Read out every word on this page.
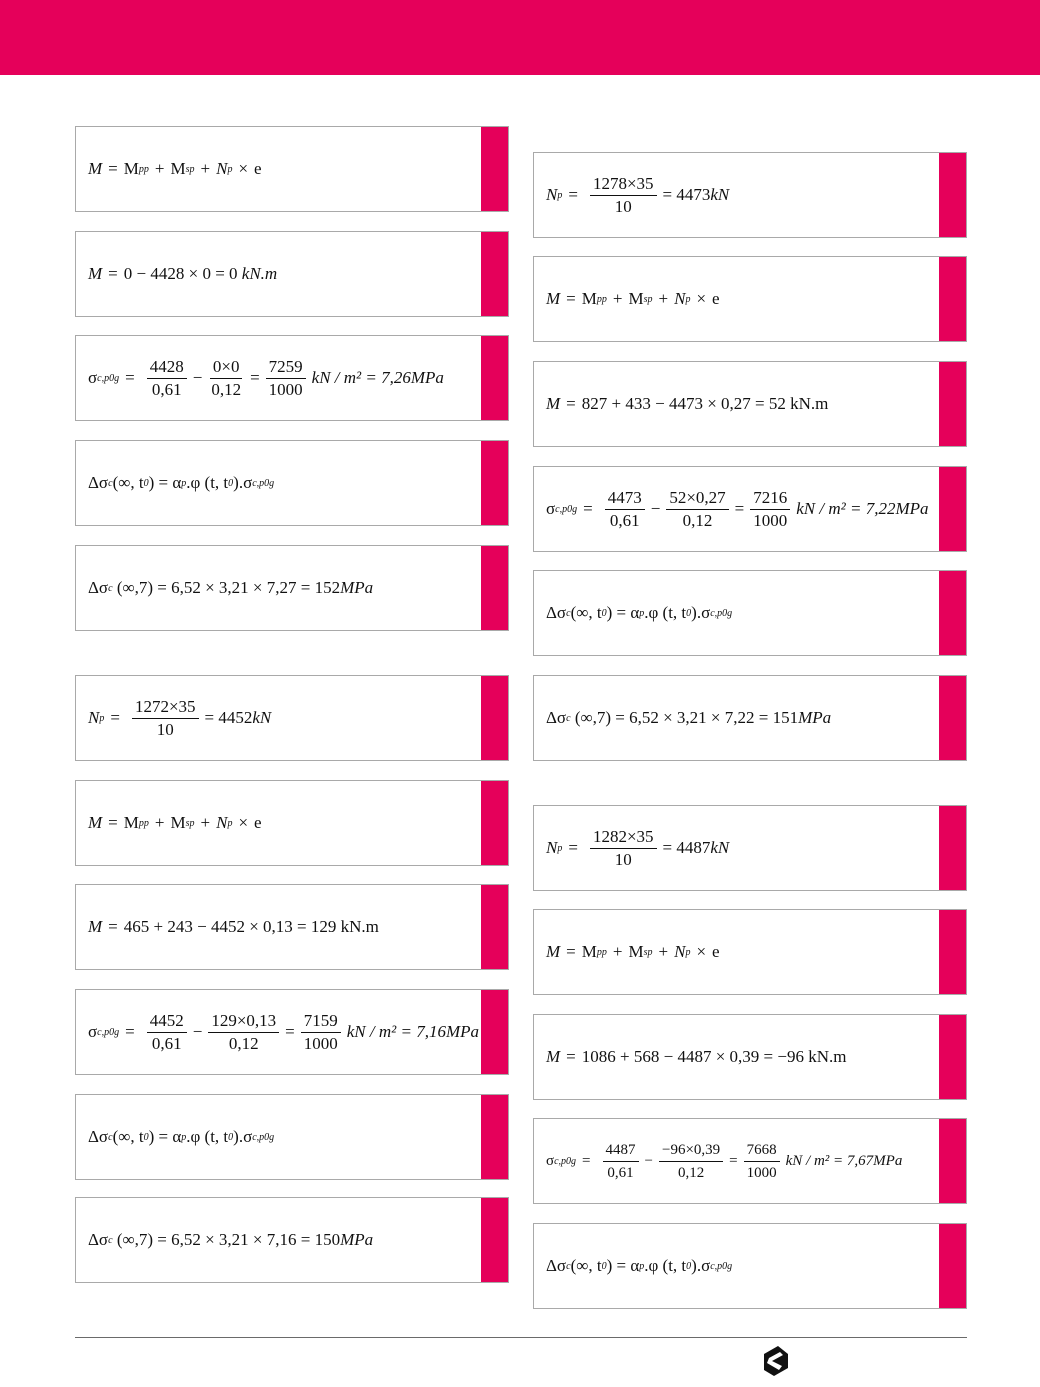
M = M pp + M sp + N p × e
M = 0 − 4428 × 0 = 0
kN.m
σ $c,p0g = \frac{4428}{0,61} - \frac{0\times 0}{0,12} = \frac{7259}{1000}$ kN / m² = 7,26 MPa
Δσ c (∞, t 0 ) = α p .φ (t, t 0 ).σ c,p0g
Δσ c
(∞,7) = 6,52 × 3,21 × 7,27 = 152 MPa
N $p = \frac{1272\times 35}{10} = 4452$ kN
M = M pp + M sp + N p × e
M = 465 + 243 − 4452 × 0,13 = 129 kN.m
σ $c,p0g = \frac{4452}{0,61} - \frac{129\times 0,13}{0,12} = \frac{7159}{1000}$ kN / m² = 7,16 MPa
Δσ c (∞, t 0 ) = α p .φ (t, t 0 ).σ c,p0g
Δσ c
(∞,7) = 6,52 × 3,21 × 7,16 = 150 MPa
N $p = \frac{1278\times 35}{10} = 4473$ kN
M = M pp + M sp + N p × e
M = 827 + 433 − 4473 × 0,27 = 52 kN.m
σ $c,p0g = \frac{4473}{0,61} - \frac{52\times 0,27}{0,12} = \frac{7216}{1000}$ kN / m² = 7,22 MPa
Δσ c (∞, t 0 ) = α p .φ (t, t 0 ).σ c,p0g
Δσ c
(∞,7) = 6,52 × 3,21 × 7,22 = 151 MPa
N $p = \frac{1282\times 35}{10} = 4487$ kN
M = M pp + M sp + N p × e
M = 1086 + 568 − 4487 × 0,39 = −96 kN.m
σ $c,p0g = \frac{4487}{0,61} - \frac{-96\times 0,39}{0,12} = \frac{7668}{1000}$ kN / m² = 7,67 MPa
Δσ c (∞, t 0 ) = α p .φ (t, t 0 ).σ c,p0g
